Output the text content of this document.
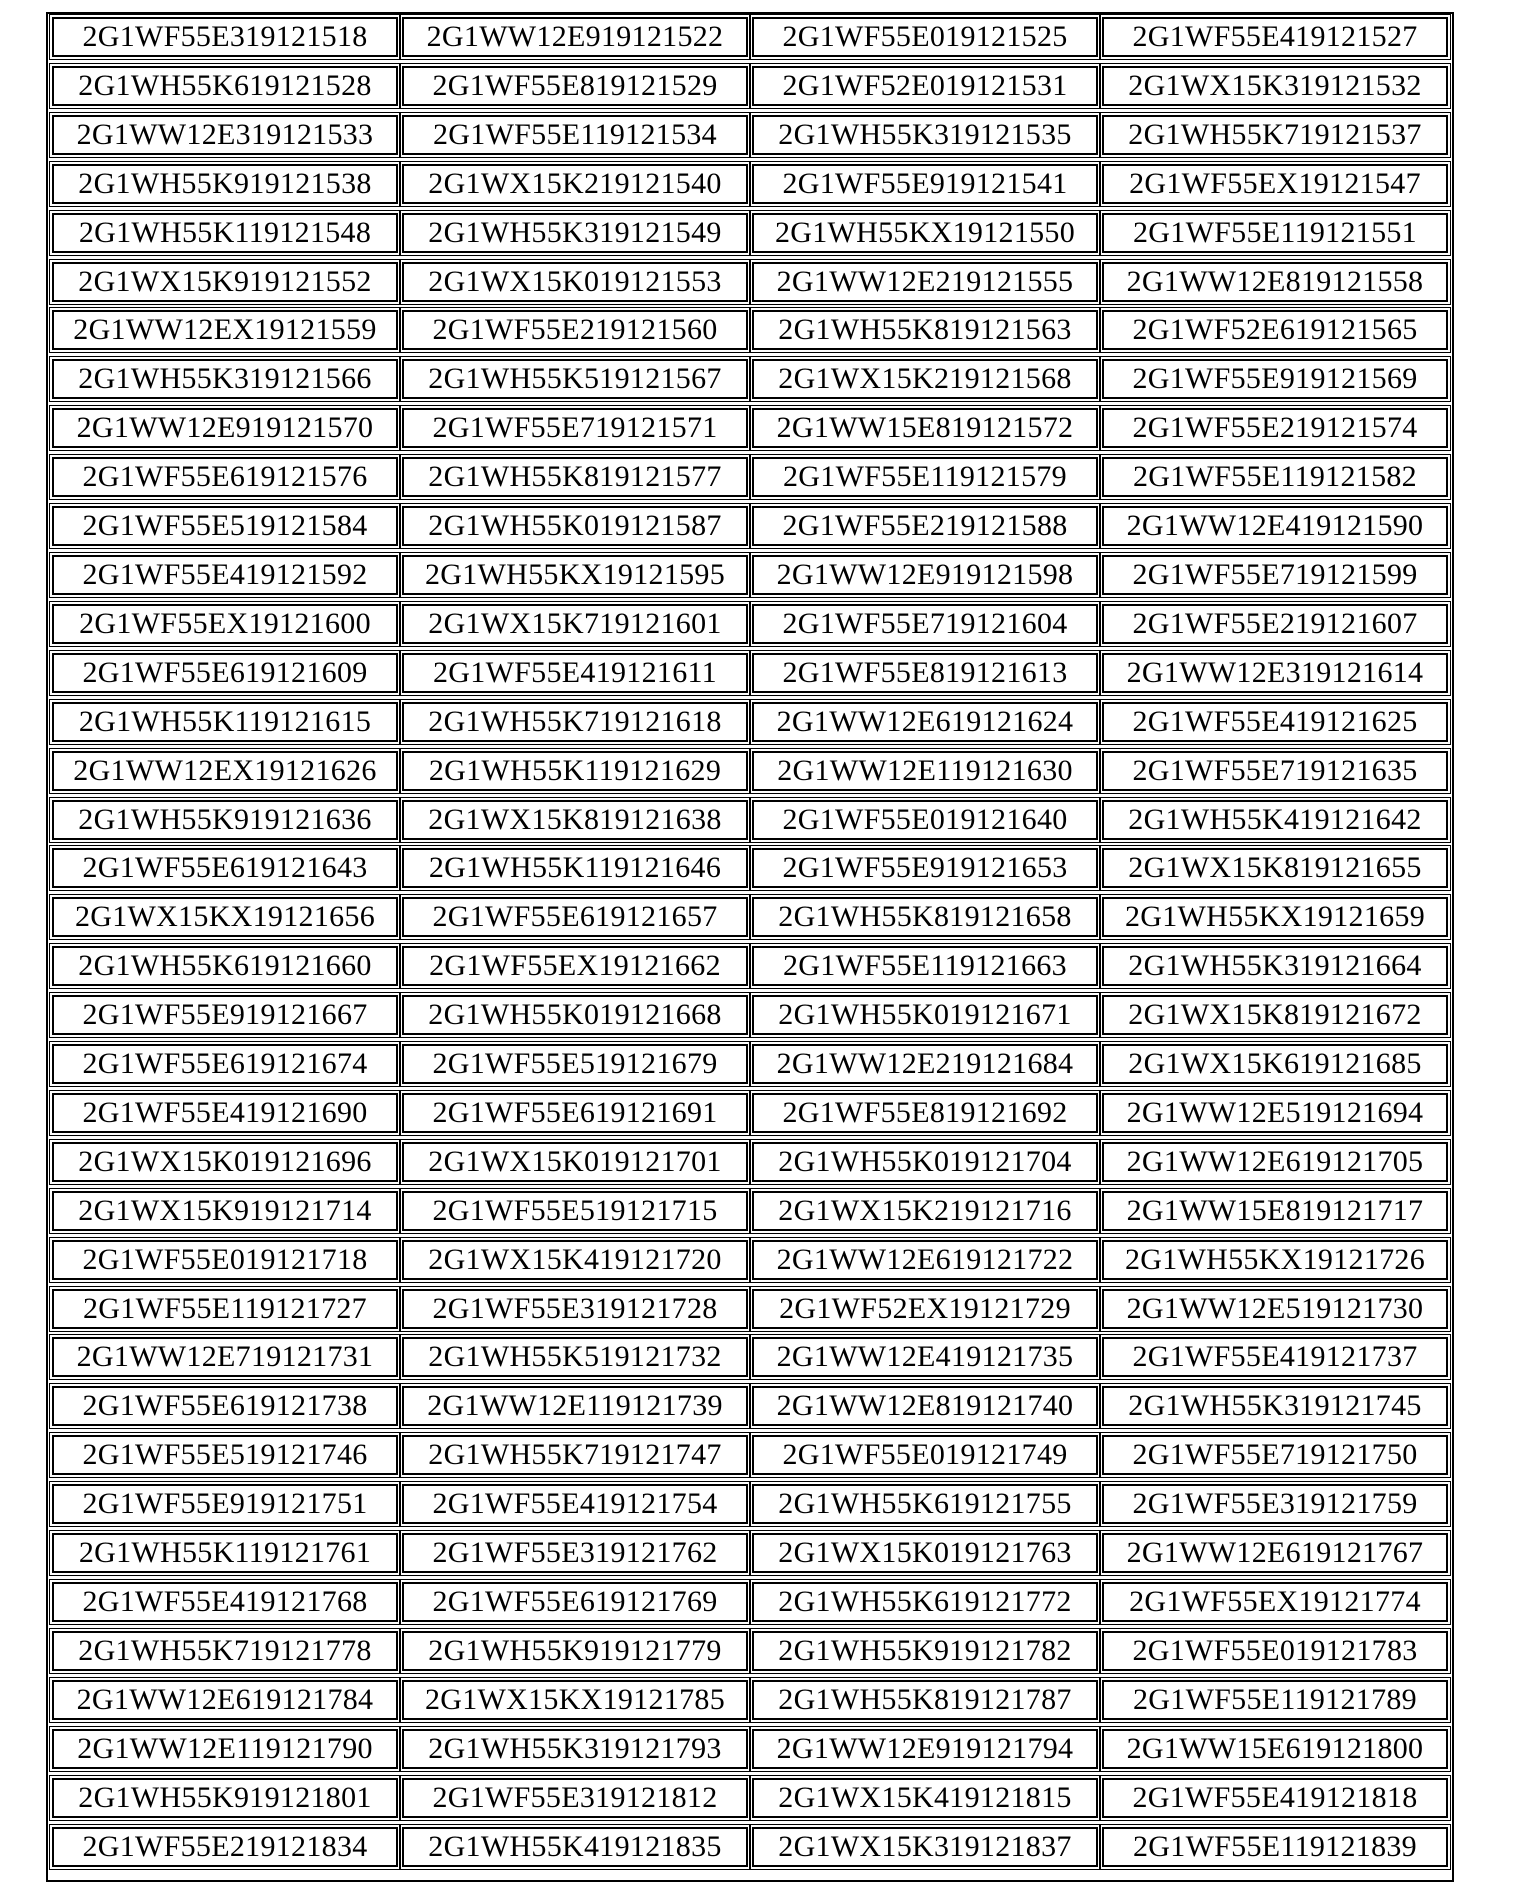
2G1WF55E319121518	2G1WW12E919121522	2G1WF55E019121525	2G1WF55E419121527
2G1WH55K619121528	2G1WF55E819121529	2G1WF52E019121531	2G1WX15K319121532
2G1WW12E319121533	2G1WF55E119121534	2G1WH55K319121535	2G1WH55K719121537
2G1WH55K919121538	2G1WX15K219121540	2G1WF55E919121541	2G1WF55EX19121547
2G1WH55K119121548	2G1WH55K319121549	2G1WH55KX19121550	2G1WF55E119121551
2G1WX15K919121552	2G1WX15K019121553	2G1WW12E219121555	2G1WW12E819121558
2G1WW12EX19121559	2G1WF55E219121560	2G1WH55K819121563	2G1WF52E619121565
2G1WH55K319121566	2G1WH55K519121567	2G1WX15K219121568	2G1WF55E919121569
2G1WW12E919121570	2G1WF55E719121571	2G1WW15E819121572	2G1WF55E219121574
2G1WF55E619121576	2G1WH55K819121577	2G1WF55E119121579	2G1WF55E119121582
2G1WF55E519121584	2G1WH55K019121587	2G1WF55E219121588	2G1WW12E419121590
2G1WF55E419121592	2G1WH55KX19121595	2G1WW12E919121598	2G1WF55E719121599
2G1WF55EX19121600	2G1WX15K719121601	2G1WF55E719121604	2G1WF55E219121607
2G1WF55E619121609	2G1WF55E419121611	2G1WF55E819121613	2G1WW12E319121614
2G1WH55K119121615	2G1WH55K719121618	2G1WW12E619121624	2G1WF55E419121625
2G1WW12EX19121626	2G1WH55K119121629	2G1WW12E119121630	2G1WF55E719121635
2G1WH55K919121636	2G1WX15K819121638	2G1WF55E019121640	2G1WH55K419121642
2G1WF55E619121643	2G1WH55K119121646	2G1WF55E919121653	2G1WX15K819121655
2G1WX15KX19121656	2G1WF55E619121657	2G1WH55K819121658	2G1WH55KX19121659
2G1WH55K619121660	2G1WF55EX19121662	2G1WF55E119121663	2G1WH55K319121664
2G1WF55E919121667	2G1WH55K019121668	2G1WH55K019121671	2G1WX15K819121672
2G1WF55E619121674	2G1WF55E519121679	2G1WW12E219121684	2G1WX15K619121685
2G1WF55E419121690	2G1WF55E619121691	2G1WF55E819121692	2G1WW12E519121694
2G1WX15K019121696	2G1WX15K019121701	2G1WH55K019121704	2G1WW12E619121705
2G1WX15K919121714	2G1WF55E519121715	2G1WX15K219121716	2G1WW15E819121717
2G1WF55E019121718	2G1WX15K419121720	2G1WW12E619121722	2G1WH55KX19121726
2G1WF55E119121727	2G1WF55E319121728	2G1WF52EX19121729	2G1WW12E519121730
2G1WW12E719121731	2G1WH55K519121732	2G1WW12E419121735	2G1WF55E419121737
2G1WF55E619121738	2G1WW12E119121739	2G1WW12E819121740	2G1WH55K319121745
2G1WF55E519121746	2G1WH55K719121747	2G1WF55E019121749	2G1WF55E719121750
2G1WF55E919121751	2G1WF55E419121754	2G1WH55K619121755	2G1WF55E319121759
2G1WH55K119121761	2G1WF55E319121762	2G1WX15K019121763	2G1WW12E619121767
2G1WF55E419121768	2G1WF55E619121769	2G1WH55K619121772	2G1WF55EX19121774
2G1WH55K719121778	2G1WH55K919121779	2G1WH55K919121782	2G1WF55E019121783
2G1WW12E619121784	2G1WX15KX19121785	2G1WH55K819121787	2G1WF55E119121789
2G1WW12E119121790	2G1WH55K319121793	2G1WW12E919121794	2G1WW15E619121800
2G1WH55K919121801	2G1WF55E319121812	2G1WX15K419121815	2G1WF55E419121818
2G1WF55E219121834	2G1WH55K419121835	2G1WX15K319121837	2G1WF55E119121839
